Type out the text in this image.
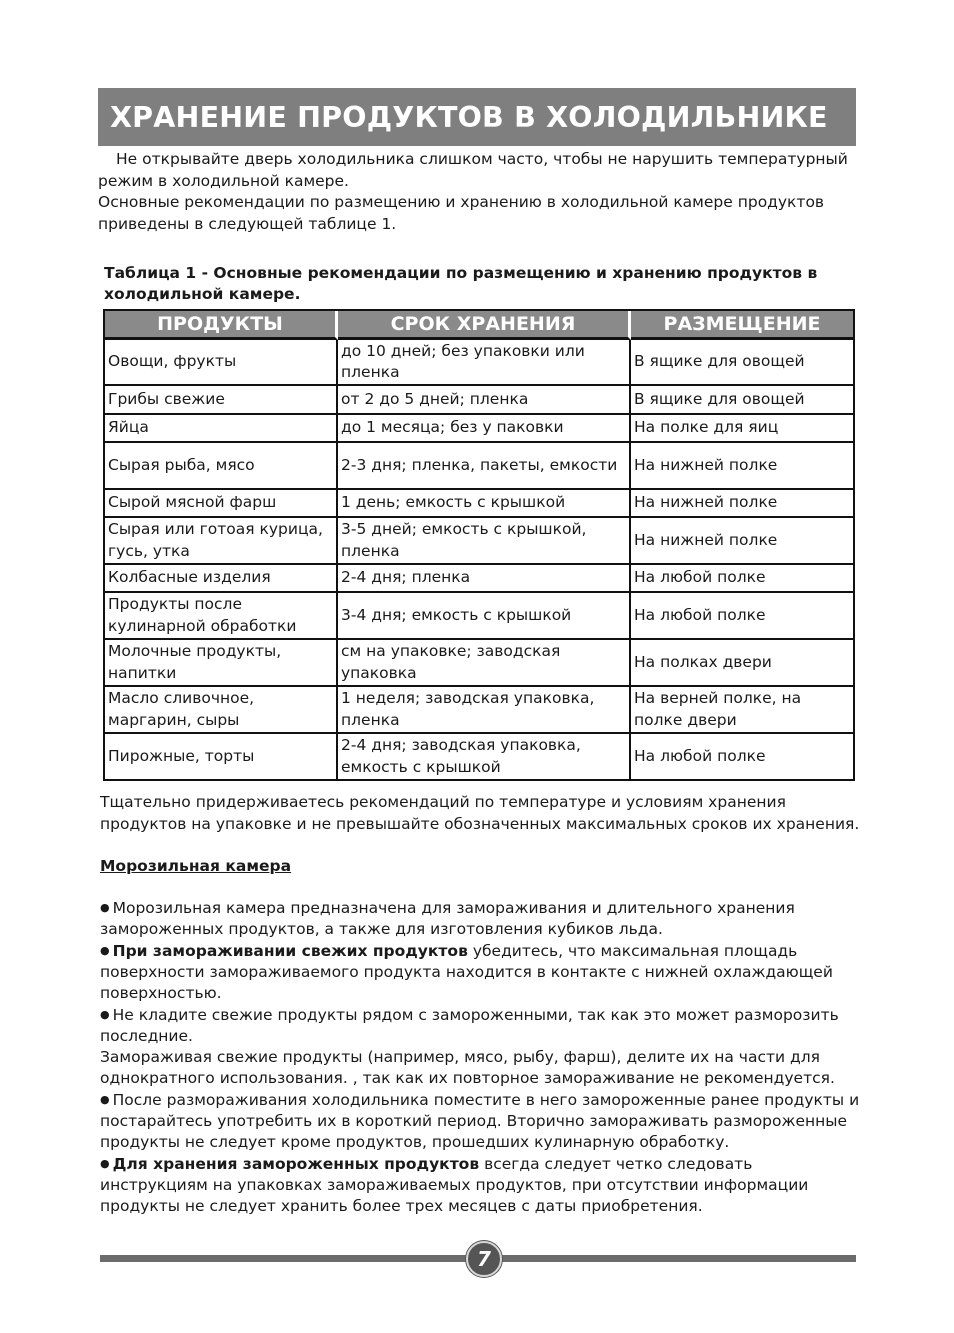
ХРАНЕНИЕ ПРОДУКТОВ В ХОЛОДИЛЬНИКЕ

Не открывайте дверь холодильника слишком часто, чтобы не нарушить температурный режим в холодильной камере.

Основные рекомендации по размещению и хранению в холодильной камере продуктов приведены в следующей таблице 1.

Таблица 1 - Основные рекомендации по размещению и хранению продуктов в холодильной камере.
ПРОДУКТЫ	СРОК ХРАНЕНИЯ	РАЗМЕЩЕНИЕ
Овощи, фрукты	до 10 дней; без упаковки или пленка	В ящике для овощей
Грибы свежие	от 2 до 5 дней; пленка	В ящике для овощей
Яйца	до 1 месяца; без у паковки	На полке для яиц
Сырая рыба, мясо	2-3 дня; пленка, пакеты, емкости	На нижней полке
Сырой мясной фарш	1 день; емкость с крышкой	На нижней полке
Сырая или готоая курица, гусь, утка	3-5 дней; емкость с крышкой, пленка	На нижней полке
Колбасные изделия	2-4 дня; пленка	На любой полке
Продукты после кулинарной обработки	3-4 дня; емкость с крышкой	На любой полке
Молочные продукты, напитки	см на упаковке; заводская упаковка	На полках двери
Масло сливочное, маргарин, сыры	1 неделя; заводская упаковка, пленка	На верней полке, на полке двери
Пирожные, торты	2-4 дня; заводская упаковка, емкость с крышкой	На любой полке

Тщательно придерживаетесь рекомендаций по температуре и условиям хранения продуктов на упаковке и не превышайте обозначенных максимальных сроков их хранения.

Морозильная камера

● Морозильная камера предназначена для замораживания и длительного хранения замороженных продуктов, а также для изготовления кубиков льда.

● При замораживании свежих продуктов убедитесь, что максимальная площадь поверхности замораживаемого продукта находится в контакте с нижней охлаждающей поверхностью.

● Не кладите свежие продукты рядом с замороженными, так как это может разморозить последние.

Замораживая свежие продукты (например, мясо, рыбу, фарш), делите их на части для однократного использования. , так как их повторное замораживание не рекомендуется.

● После размораживания холодильника поместите в него замороженные ранее продукты и постарайтесь употребить их в короткий период. Вторично замораживать размороженные продукты не следует кроме продуктов, прошедших кулинарную обработку.

● Для хранения замороженных продуктов всегда следует четко следовать инструкциям на упаковках замораживаемых продуктов, при отсутствии информации продукты не следует хранить более трех месяцев с даты приобретения.

7
